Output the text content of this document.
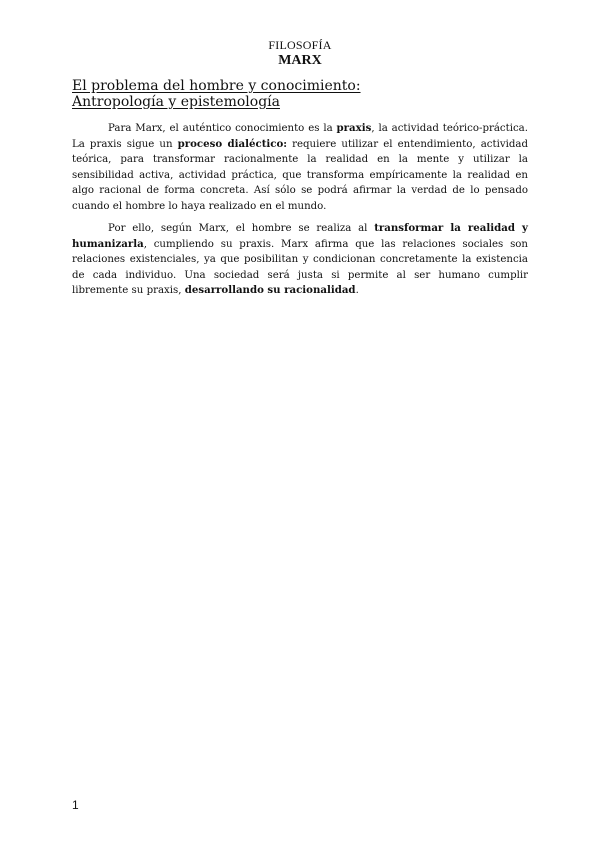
FILOSOFÍA
MARX
El problema del hombre y conocimiento:
Antropología y epistemología

Para Marx, el auténtico conocimiento es la praxis, la actividad teórico-práctica. La praxis sigue un proceso dialéctico: requiere utilizar el entendimiento, actividad teórica, para transformar racionalmente la realidad en la mente y utilizar la sensibilidad activa, actividad práctica, que transforma empíricamente la realidad en algo racional de forma concreta. Así sólo se podrá afirmar la verdad de lo pensado cuando el hombre lo haya realizado en el mundo.

Por ello, según Marx, el hombre se realiza al transformar la realidad y humanizarla, cumpliendo su praxis. Marx afirma que las relaciones sociales son relaciones existenciales, ya que posibilitan y condicionan concretamente la existencia de cada individuo. Una sociedad será justa si permite al ser humano cumplir libremente su praxis, desarrollando su racionalidad.

1
